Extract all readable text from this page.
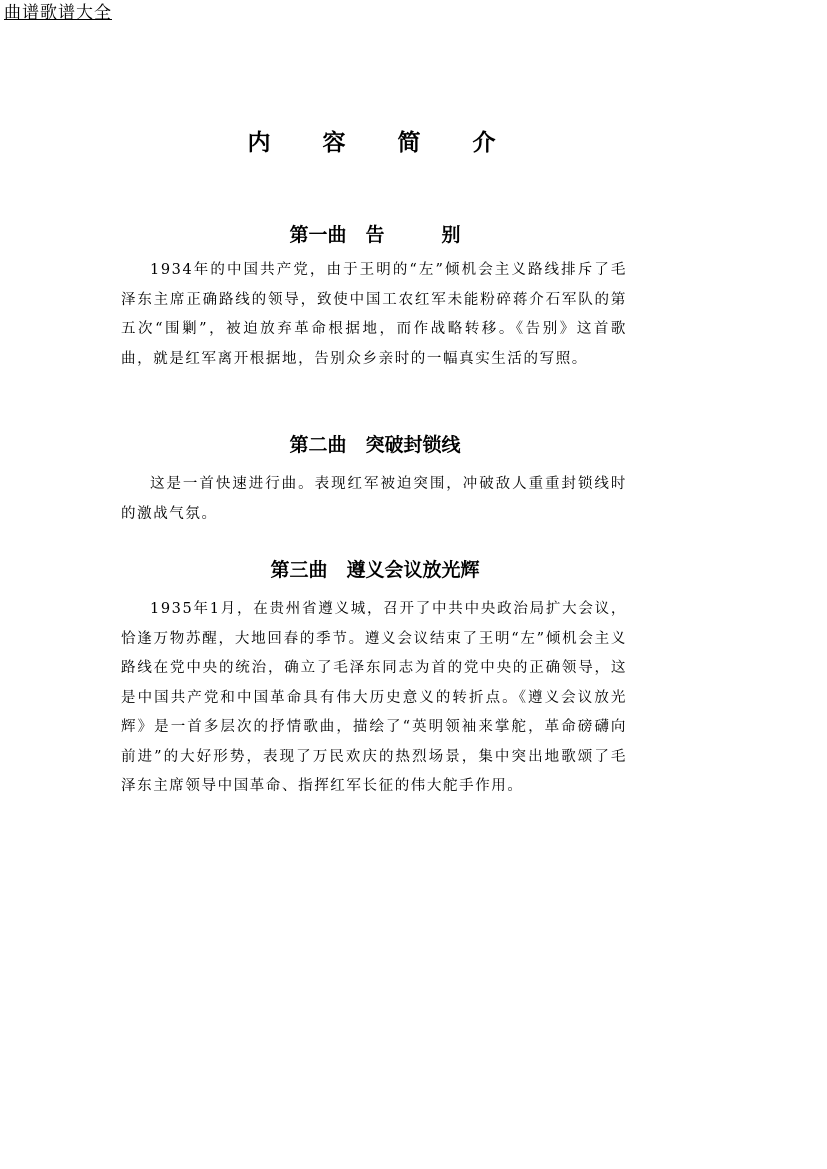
曲谱歌谱大全
内 容 简 介
第一曲　告　　　别
1934年的中国共产党，由于王明的“左”倾机会主义路线排斥了毛泽东主席正确路线的领导，致使中国工农红军未能粉碎蒋介石军队的第五次“围剿”，被迫放弃革命根据地，而作战略转移。《告别》这首歌曲，就是红军离开根据地，告别众乡亲时的一幅真实生活的写照。
第二曲　突破封锁线
这是一首快速进行曲。表现红军被迫突围，冲破敌人重重封锁线时的激战气氛。
第三曲　遵义会议放光辉
1935年1月，在贵州省遵义城，召开了中共中央政治局扩大会议，恰逢万物苏醒，大地回春的季节。遵义会议结束了王明“左”倾机会主义路线在党中央的统治，确立了毛泽东同志为首的党中央的正确领导，这是中国共产党和中国革命具有伟大历史意义的转折点。《遵义会议放光辉》是一首多层次的抒情歌曲，描绘了“英明领袖来掌舵，革命磅礴向前进”的大好形势，表现了万民欢庆的热烈场景，集中突出地歌颂了毛泽东主席领导中国革命、指挥红军长征的伟大舵手作用。
